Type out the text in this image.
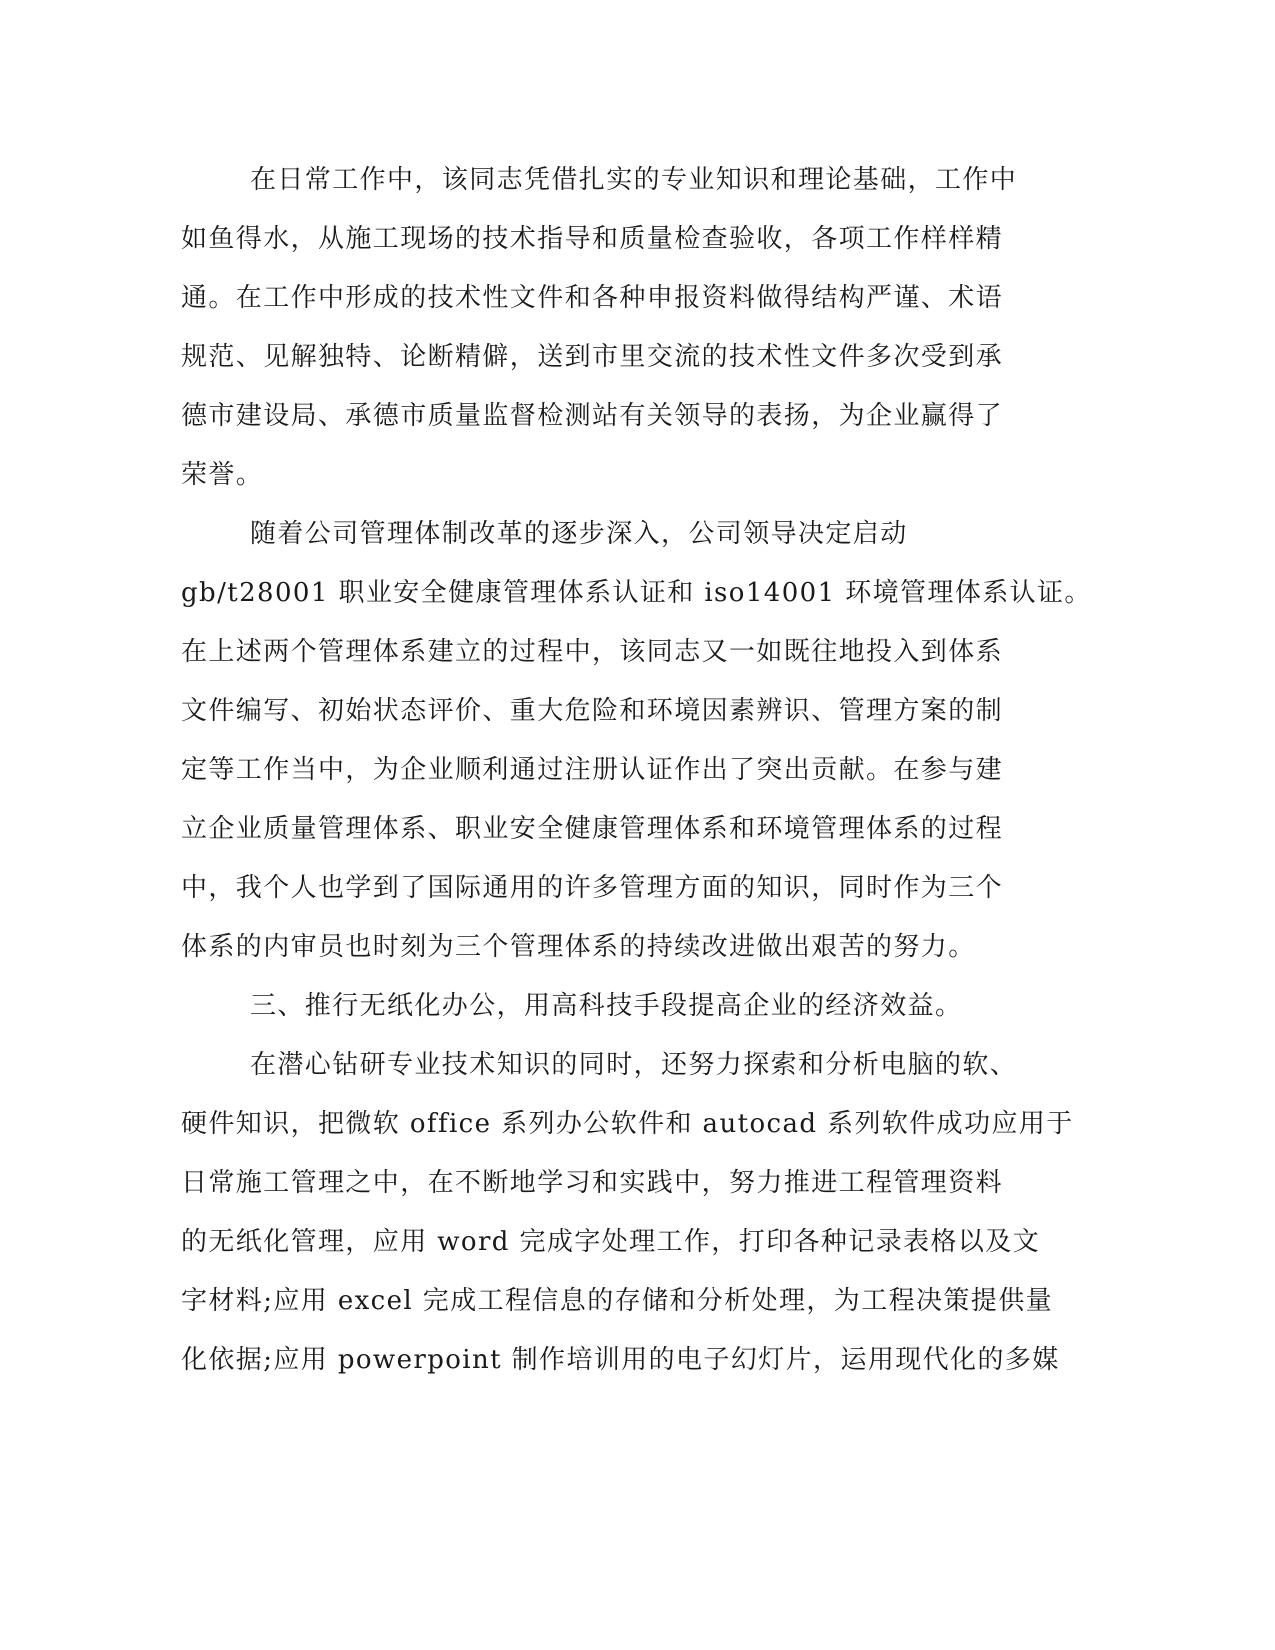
在日常工作中，该同志凭借扎实的专业知识和理论基础，工作中
如鱼得水，从施工现场的技术指导和质量检查验收，各项工作样样精
通。在工作中形成的技术性文件和各种申报资料做得结构严谨、术语
规范、见解独特、论断精僻，送到市里交流的技术性文件多次受到承
德市建设局、承德市质量监督检测站有关领导的表扬，为企业赢得了
荣誉。
随着公司管理体制改革的逐步深入，公司领导决定启动
gb/t28001 职业安全健康管理体系认证和 iso14001 环境管理体系认证。
在上述两个管理体系建立的过程中，该同志又一如既往地投入到体系
文件编写、初始状态评价、重大危险和环境因素辨识、管理方案的制
定等工作当中，为企业顺利通过注册认证作出了突出贡献。在参与建
立企业质量管理体系、职业安全健康管理体系和环境管理体系的过程
中，我个人也学到了国际通用的许多管理方面的知识，同时作为三个
体系的内审员也时刻为三个管理体系的持续改进做出艰苦的努力。
三、推行无纸化办公，用高科技手段提高企业的经济效益。
在潜心钻研专业技术知识的同时，还努力探索和分析电脑的软、
硬件知识，把微软 office 系列办公软件和 autocad 系列软件成功应用于
日常施工管理之中，在不断地学习和实践中，努力推进工程管理资料
的无纸化管理，应用 word 完成字处理工作，打印各种记录表格以及文
字材料;应用 excel 完成工程信息的存储和分析处理，为工程决策提供量
化依据;应用 powerpoint 制作培训用的电子幻灯片，运用现代化的多媒
